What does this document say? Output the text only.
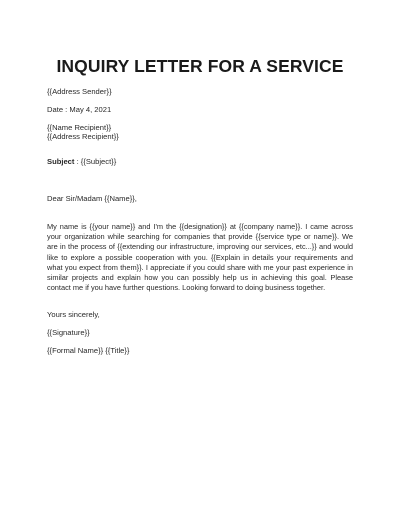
INQUIRY LETTER FOR A SERVICE
{{Address Sender}}
Date : May 4, 2021
{{Name Recipient}}
{{Address Recipient}}
Subject : {{Subject}}
Dear Sir/Madam {{Name}},
My name is {{your name}} and I'm the {{designation}} at {{company name}}. I came across your organization while searching for companies that provide {{service type or name}}. We are in the process of {{extending our infrastructure, improving our services, etc...}} and would like to explore a possible cooperation with you. {{Explain in details your requirements and what you expect from them}}. I appreciate if you could share with me your past experience in similar projects and explain how you can possibly help us in achieving this goal. Please contact me if you have further questions. Looking forward to doing business together.
Yours sincerely,
{{Signature}}
{{Formal Name}} {{Title}}
